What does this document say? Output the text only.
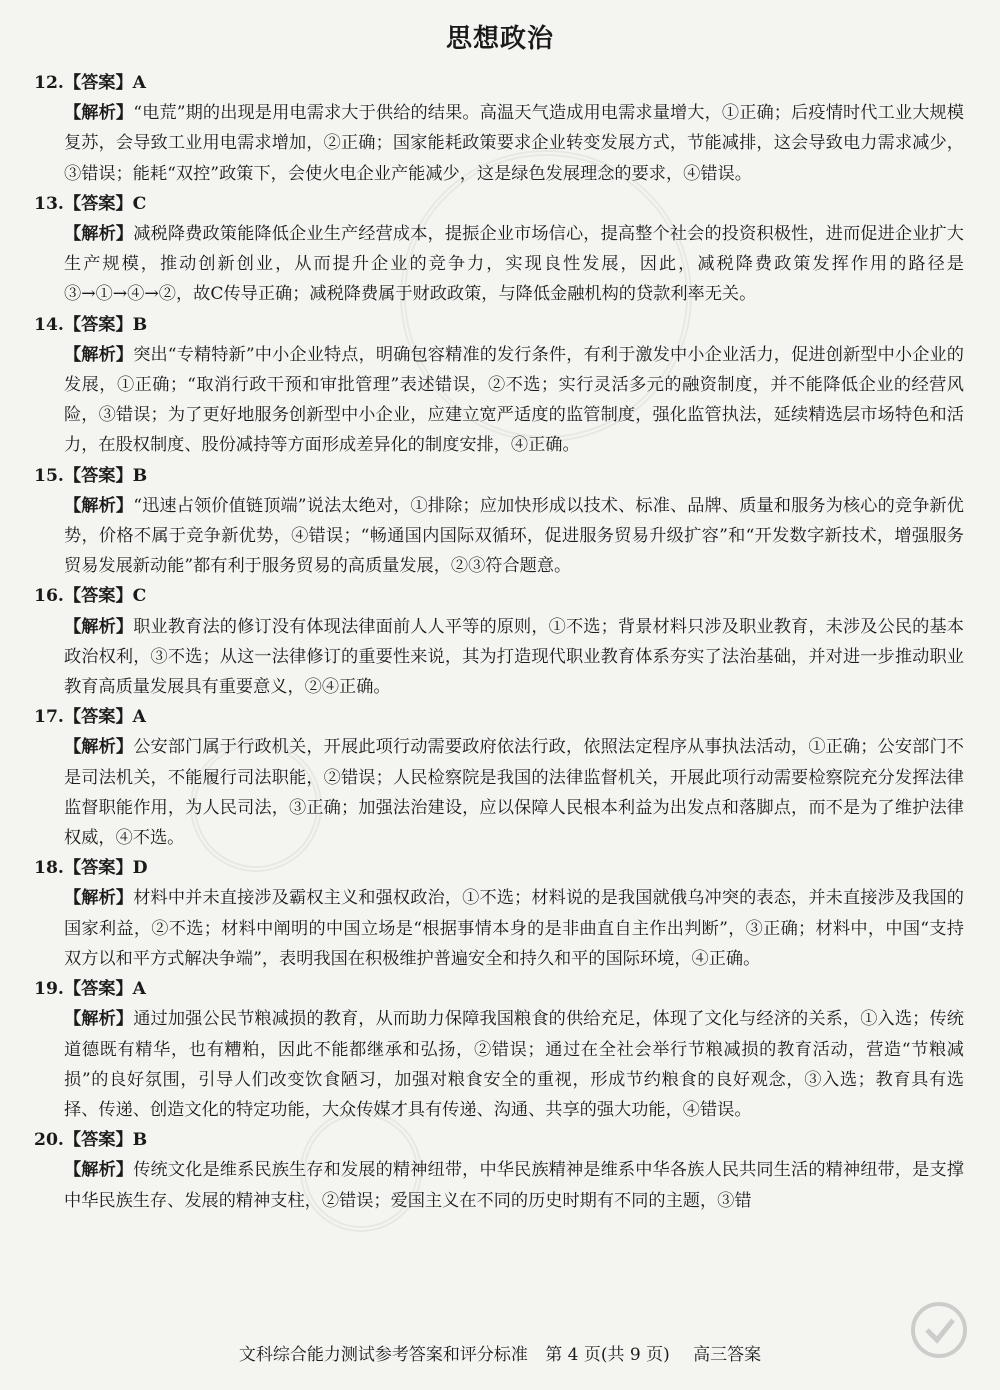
思想政治
12.【答案】A
【解析】“电荒”期的出现是用电需求大于供给的结果。高温天气造成用电需求量增大，①正确；后疫情时代工业大规模复苏，会导致工业用电需求增加，②正确；国家能耗政策要求企业转变发展方式，节能减排，这会导致电力需求减少，③错误；能耗“双控”政策下，会使火电企业产能减少，这是绿色发展理念的要求，④错误。
13.【答案】C
【解析】减税降费政策能降低企业生产经营成本，提振企业市场信心，提高整个社会的投资积极性，进而促进企业扩大生产规模，推动创新创业，从而提升企业的竞争力，实现良性发展，因此，减税降费政策发挥作用的路径是③→①→④→②，故C传导正确；减税降费属于财政政策，与降低金融机构的贷款利率无关。
14.【答案】B
【解析】突出“专精特新”中小企业特点，明确包容精准的发行条件，有利于激发中小企业活力，促进创新型中小企业的发展，①正确；“取消行政干预和审批管理”表述错误，②不选；实行灵活多元的融资制度，并不能降低企业的经营风险，③错误；为了更好地服务创新型中小企业，应建立宽严适度的监管制度，强化监管执法，延续精选层市场特色和活力，在股权制度、股份减持等方面形成差异化的制度安排，④正确。
15.【答案】B
【解析】“迅速占领价值链顶端”说法太绝对，①排除；应加快形成以技术、标准、品牌、质量和服务为核心的竞争新优势，价格不属于竞争新优势，④错误；“畅通国内国际双循环，促进服务贸易升级扩容”和“开发数字新技术，增强服务贸易发展新动能”都有利于服务贸易的高质量发展，②③符合题意。
16.【答案】C
【解析】职业教育法的修订没有体现法律面前人人平等的原则，①不选；背景材料只涉及职业教育，未涉及公民的基本政治权利，③不选；从这一法律修订的重要性来说，其为打造现代职业教育体系夯实了法治基础，并对进一步推动职业教育高质量发展具有重要意义，②④正确。
17.【答案】A
【解析】公安部门属于行政机关，开展此项行动需要政府依法行政，依照法定程序从事执法活动，①正确；公安部门不是司法机关，不能履行司法职能，②错误；人民检察院是我国的法律监督机关，开展此项行动需要检察院充分发挥法律监督职能作用，为人民司法，③正确；加强法治建设，应以保障人民根本利益为出发点和落脚点，而不是为了维护法律权威，④不选。
18.【答案】D
【解析】材料中并未直接涉及霸权主义和强权政治，①不选；材料说的是我国就俄乌冲突的表态，并未直接涉及我国的国家利益，②不选；材料中阐明的中国立场是“根据事情本身的是非曲直自主作出判断”，③正确；材料中，中国“支持双方以和平方式解决争端”，表明我国在积极维护普遍安全和持久和平的国际环境，④正确。
19.【答案】A
【解析】通过加强公民节粮减损的教育，从而助力保障我国粮食的供给充足，体现了文化与经济的关系，①入选；传统道德既有精华，也有糟粕，因此不能都继承和弘扬，②错误；通过在全社会举行节粮减损的教育活动，营造“节粮减损”的良好氛围，引导人们改变饮食陋习，加强对粮食安全的重视，形成节约粮食的良好观念，③入选；教育具有选择、传递、创造文化的特定功能，大众传媒才具有传递、沟通、共享的强大功能，④错误。
20.【答案】B
【解析】传统文化是维系民族生存和发展的精神纽带，中华民族精神是维系中华各族人民共同生活的精神纽带，是支撑中华民族生存、发展的精神支柱，②错误；爱国主义在不同的历史时期有不同的主题，③错
文科综合能力测试参考答案和评分标准 第 4 页(共 9 页) 高三答案
